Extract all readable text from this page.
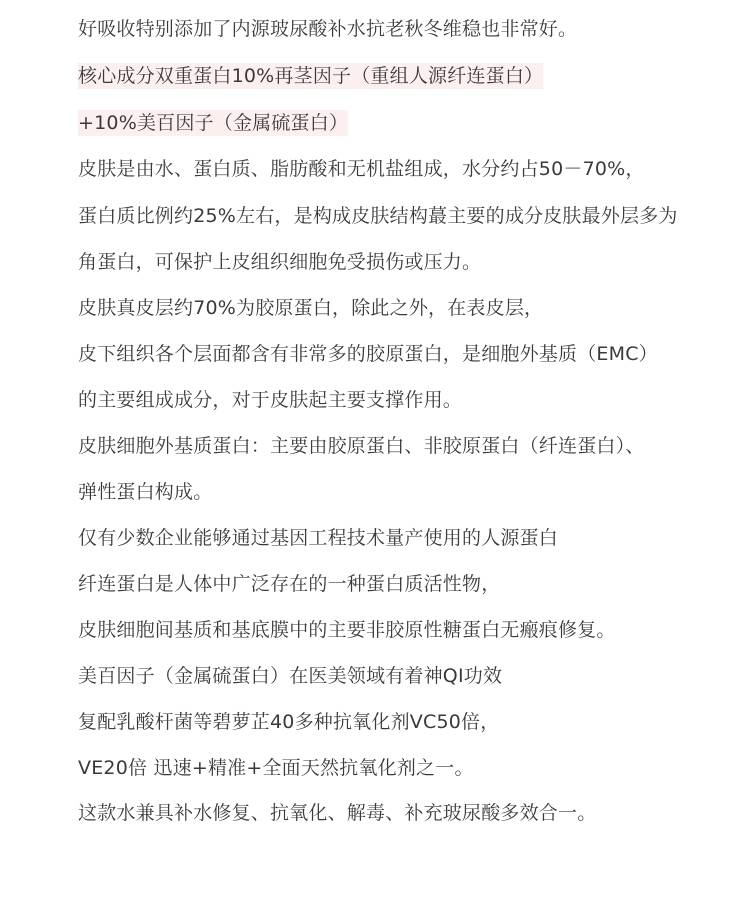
好吸收特别添加了内源玻尿酸补水抗老秋冬维稳也非常好。
核心成分双重蛋白10%再茎因子（重组人源纤连蛋白）
+10%美百因子（金属硫蛋白）
皮肤是由水、蛋白质、脂肪酸和无机盐组成，水分约占50－70%，
蛋白质比例约25%左右，是构成皮肤结构蕞主要的成分皮肤最外层多为
角蛋白，可保护上皮组织细胞免受损伤或压力。
皮肤真皮层约70%为胶原蛋白，除此之外，在表皮层，
皮下组织各个层面都含有非常多的胶原蛋白，是细胞外基质（EMC）
的主要组成成分，对于皮肤起主要支撑作用。
皮肤细胞外基质蛋白：主要由胶原蛋白、非胶原蛋白（纤连蛋白）、
弹性蛋白构成。
仅有少数企业能够通过基因工程技术量产使用的人源蛋白
纤连蛋白是人体中广泛存在的一种蛋白质活性物，
皮肤细胞间基质和基底膜中的主要非胶原性糖蛋白无瘢痕修复。
美百因子（金属硫蛋白）在医美领域有着神QI功效
复配乳酸杆菌等碧萝芷40多种抗氧化剂VC50倍，
VE20倍 迅速+精准+全面天然抗氧化剂之一。
这款水兼具补水修复、抗氧化、解毒、补充玻尿酸多效合一。
